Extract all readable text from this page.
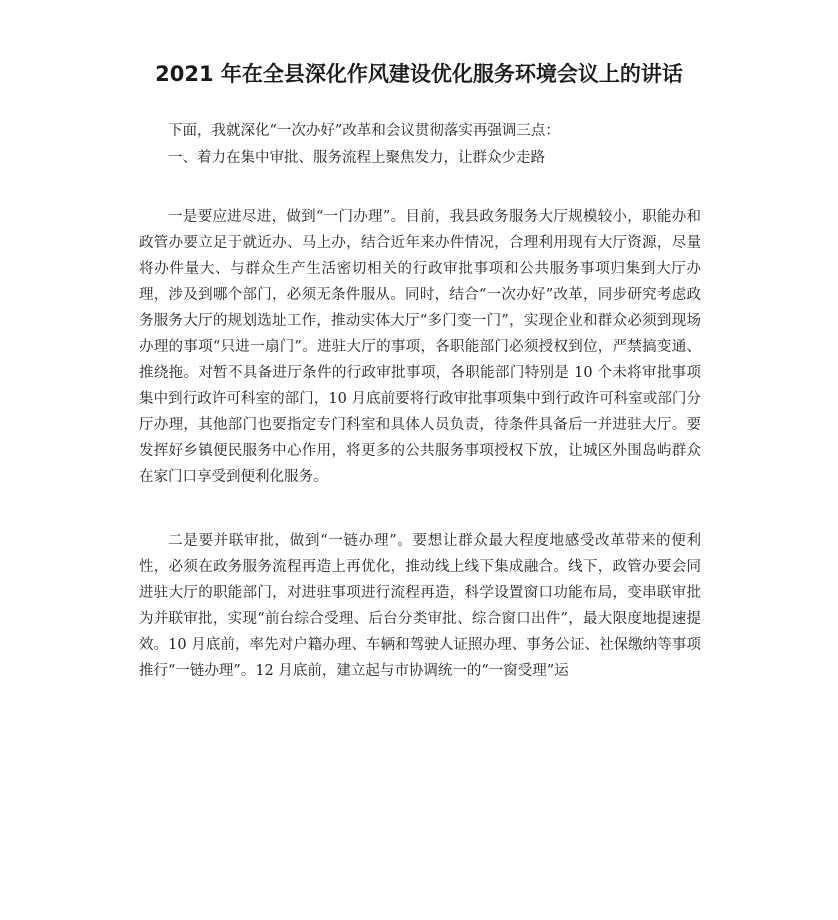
2021 年在全县深化作风建设优化服务环境会议上的讲话

下面，我就深化“一次办好”改革和会议贯彻落实再强调三点：

一、着力在集中审批、服务流程上聚焦发力，让群众少走路

一是要应进尽进，做到“一门办理”。目前，我县政务服务大厅规模较小，职能办和政管办要立足于就近办、马上办，结合近年来办件情况，合理利用现有大厅资源，尽量将办件量大、与群众生产生活密切相关的行政审批事项和公共服务事项归集到大厅办理，涉及到哪个部门，必须无条件服从。同时，结合“一次办好”改革，同步研究考虑政务服务大厅的规划选址工作，推动实体大厅“多门变一门”，实现企业和群众必须到现场办理的事项“只进一扇门”。进驻大厅的事项，各职能部门必须授权到位，严禁搞变通、推绕拖。对暂不具备进厅条件的行政审批事项，各职能部门特别是 10 个未将审批事项集中到行政许可科室的部门，10 月底前要将行政审批事项集中到行政许可科室或部门分厅办理，其他部门也要指定专门科室和具体人员负责，待条件具备后一并进驻大厅。要发挥好乡镇便民服务中心作用，将更多的公共服务事项授权下放，让城区外围岛屿群众在家门口享受到便利化服务。

二是要并联审批，做到“一链办理”。要想让群众最大程度地感受改革带来的便利性，必须在政务服务流程再造上再优化，推动线上线下集成融合。线下，政管办要会同进驻大厅的职能部门，对进驻事项进行流程再造，科学设置窗口功能布局，变串联审批为并联审批，实现“前台综合受理、后台分类审批、综合窗口出件”，最大限度地提速提效。10 月底前，率先对户籍办理、车辆和驾驶人证照办理、事务公证、社保缴纳等事项推行“一链办理”。12 月底前，建立起与市协调统一的“一窗受理”运
